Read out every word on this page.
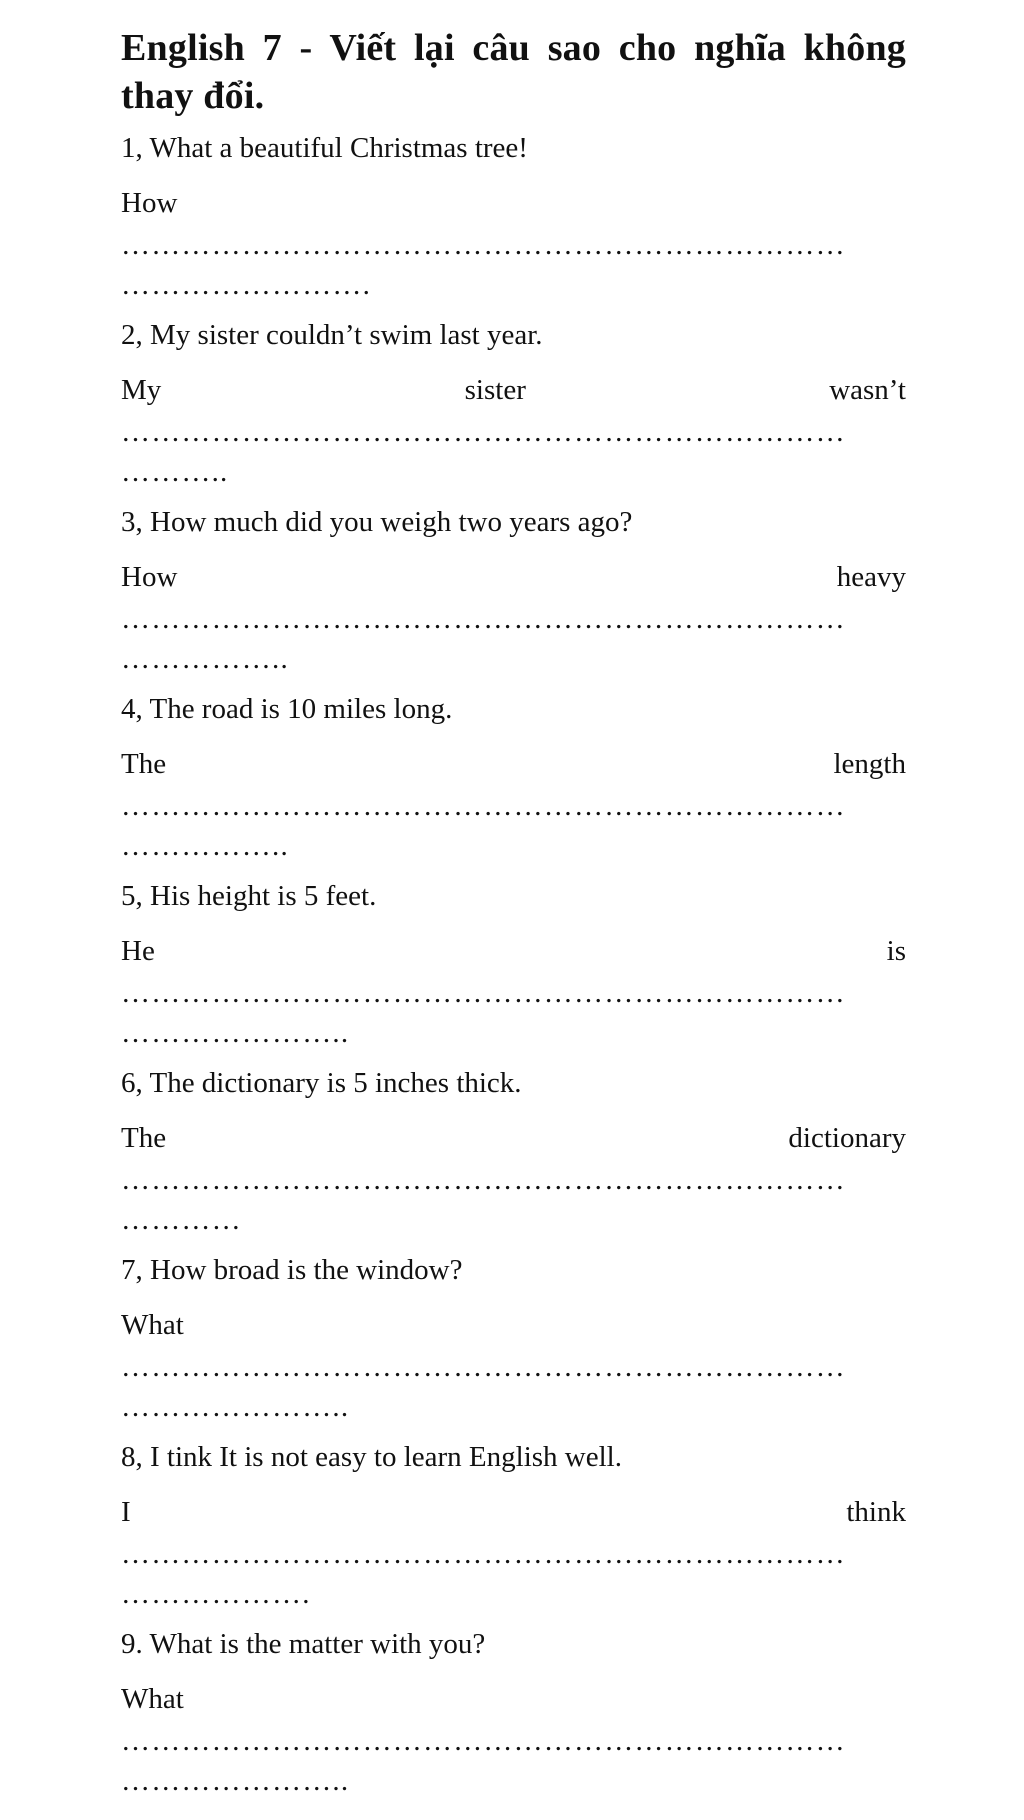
English 7 - Viết lại câu sao cho nghĩa không thay đổi.
1, What a beautiful Christmas tree!
How
………………………………………………………………
…………………….
2, My sister couldn’t swim last year.
My	sister	wasn’t
………………………………………………………………
………..
3, How much did you weigh two years ago?
How	heavy
………………………………………………………………
……………..
4, The road is 10 miles long.
The	length
………………………………………………………………
……………..
5, His height is 5 feet.
He	is
………………………………………………………………
…………………..
6, The dictionary is 5 inches thick.
The	dictionary
………………………………………………………………
…………
7, How broad is the window?
What
………………………………………………………………
…………………..
8, I tink It is not easy to learn English well.
I	think
………………………………………………………………
……………….
9. What is the matter with you?
What
………………………………………………………………
…………………..
